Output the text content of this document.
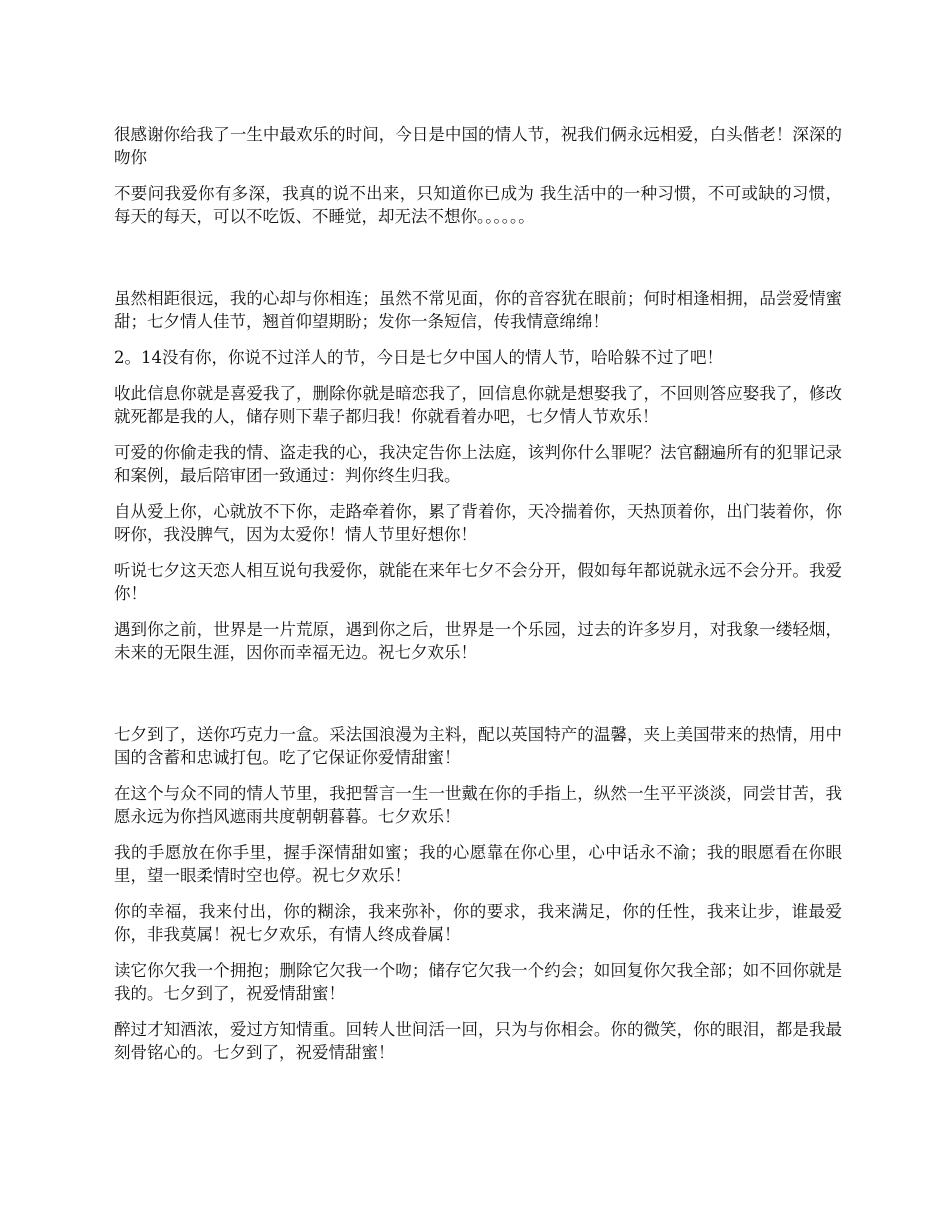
很感谢你给我了一生中最欢乐的时间，今日是中国的情人节，祝我们俩永远相爱，白头偕老！深深的吻你

不要问我爱你有多深，我真的说不出来，只知道你已成为 我生活中的一种习惯，不可或缺的习惯，每天的每天，可以不吃饭、不睡觉，却无法不想你。。。。。。

虽然相距很远，我的心却与你相连；虽然不常见面，你的音容犹在眼前；何时相逢相拥，品尝爱情蜜甜；七夕情人佳节，翘首仰望期盼；发你一条短信，传我情意绵绵！

2。14没有你，你说不过洋人的节，今日是七夕中国人的情人节，哈哈躲不过了吧！

收此信息你就是喜爱我了，删除你就是暗恋我了，回信息你就是想娶我了，不回则答应娶我了，修改就死都是我的人，储存则下辈子都归我！你就看着办吧，七夕情人节欢乐！

可爱的你偷走我的情、盗走我的心，我决定告你上法庭，该判你什么罪呢？法官翻遍所有的犯罪记录和案例，最后陪审团一致通过：判你终生归我。

自从爱上你，心就放不下你，走路牵着你，累了背着你，天冷揣着你，天热顶着你，出门装着你，你呀你，我没脾气，因为太爱你！情人节里好想你！

听说七夕这天恋人相互说句我爱你，就能在来年七夕不会分开，假如每年都说就永远不会分开。我爱你！

遇到你之前，世界是一片荒原，遇到你之后，世界是一个乐园，过去的许多岁月，对我象一缕轻烟，未来的无限生涯，因你而幸福无边。祝七夕欢乐！

七夕到了，送你巧克力一盒。采法国浪漫为主料，配以英国特产的温馨，夹上美国带来的热情，用中国的含蓄和忠诚打包。吃了它保证你爱情甜蜜！

在这个与众不同的情人节里，我把誓言一生一世戴在你的手指上，纵然一生平平淡淡，同尝甘苦，我愿永远为你挡风遮雨共度朝朝暮暮。七夕欢乐！

我的手愿放在你手里，握手深情甜如蜜；我的心愿靠在你心里，心中话永不渝；我的眼愿看在你眼里，望一眼柔情时空也停。祝七夕欢乐！

你的幸福，我来付出，你的糊涂，我来弥补，你的要求，我来满足，你的任性，我来让步，谁最爱你，非我莫属！祝七夕欢乐，有情人终成眷属！

读它你欠我一个拥抱；删除它欠我一个吻；储存它欠我一个约会；如回复你欠我全部；如不回你就是我的。七夕到了，祝爱情甜蜜！

醉过才知酒浓，爱过方知情重。回转人世间活一回，只为与你相会。你的微笑，你的眼泪，都是我最刻骨铭心的。七夕到了，祝爱情甜蜜！
